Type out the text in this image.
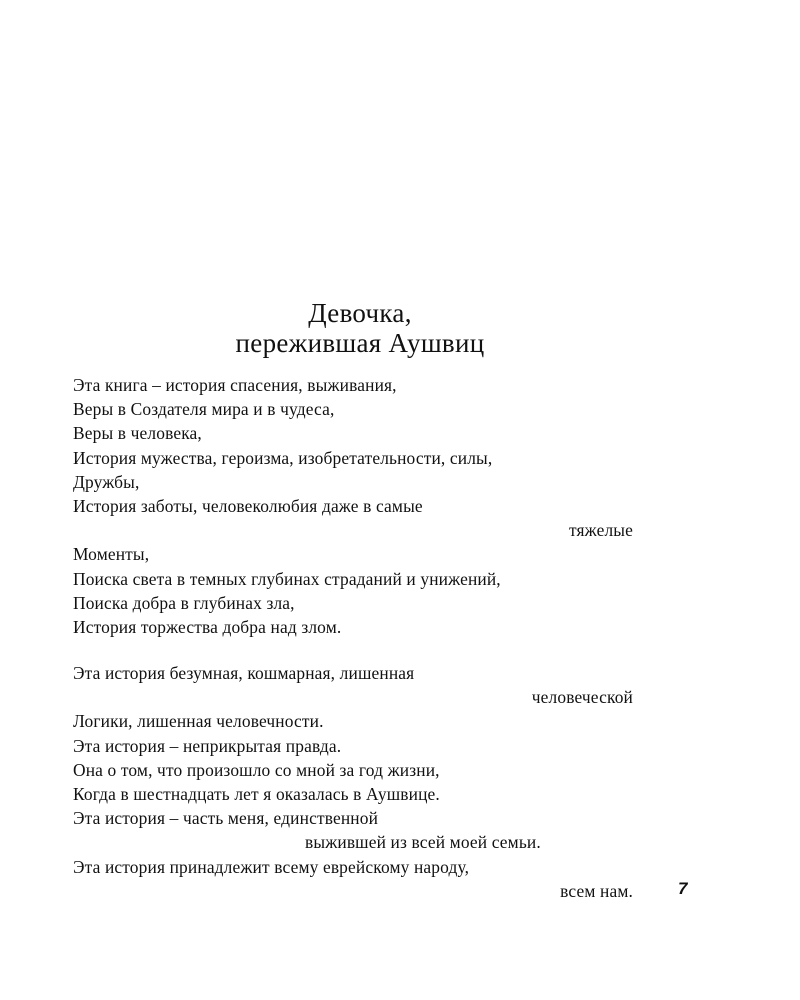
Девочка,
пережившая Аушвиц
Эта книга – история спасения, выживания,
Веры в Создателя мира и в чудеса,
Веры в человека,
История мужества, героизма, изобретательности, силы,
Дружбы,
История заботы, человеколюбия даже в самые
тяжелые
Моменты,
Поиска света в темных глубинах страданий и унижений,
Поиска добра в глубинах зла,
История торжества добра над злом.
Эта история безумная, кошмарная, лишенная
человеческой
Логики, лишенная человечности.
Эта история – неприкрытая правда.
Она о том, что произошло со мной за год жизни,
Когда в шестнадцать лет я оказалась в Аушвице.
Эта история – часть меня, единственной
выжившей из всей моей семьи.
Эта история принадлежит всему еврейскому народу,
всем нам.	7
